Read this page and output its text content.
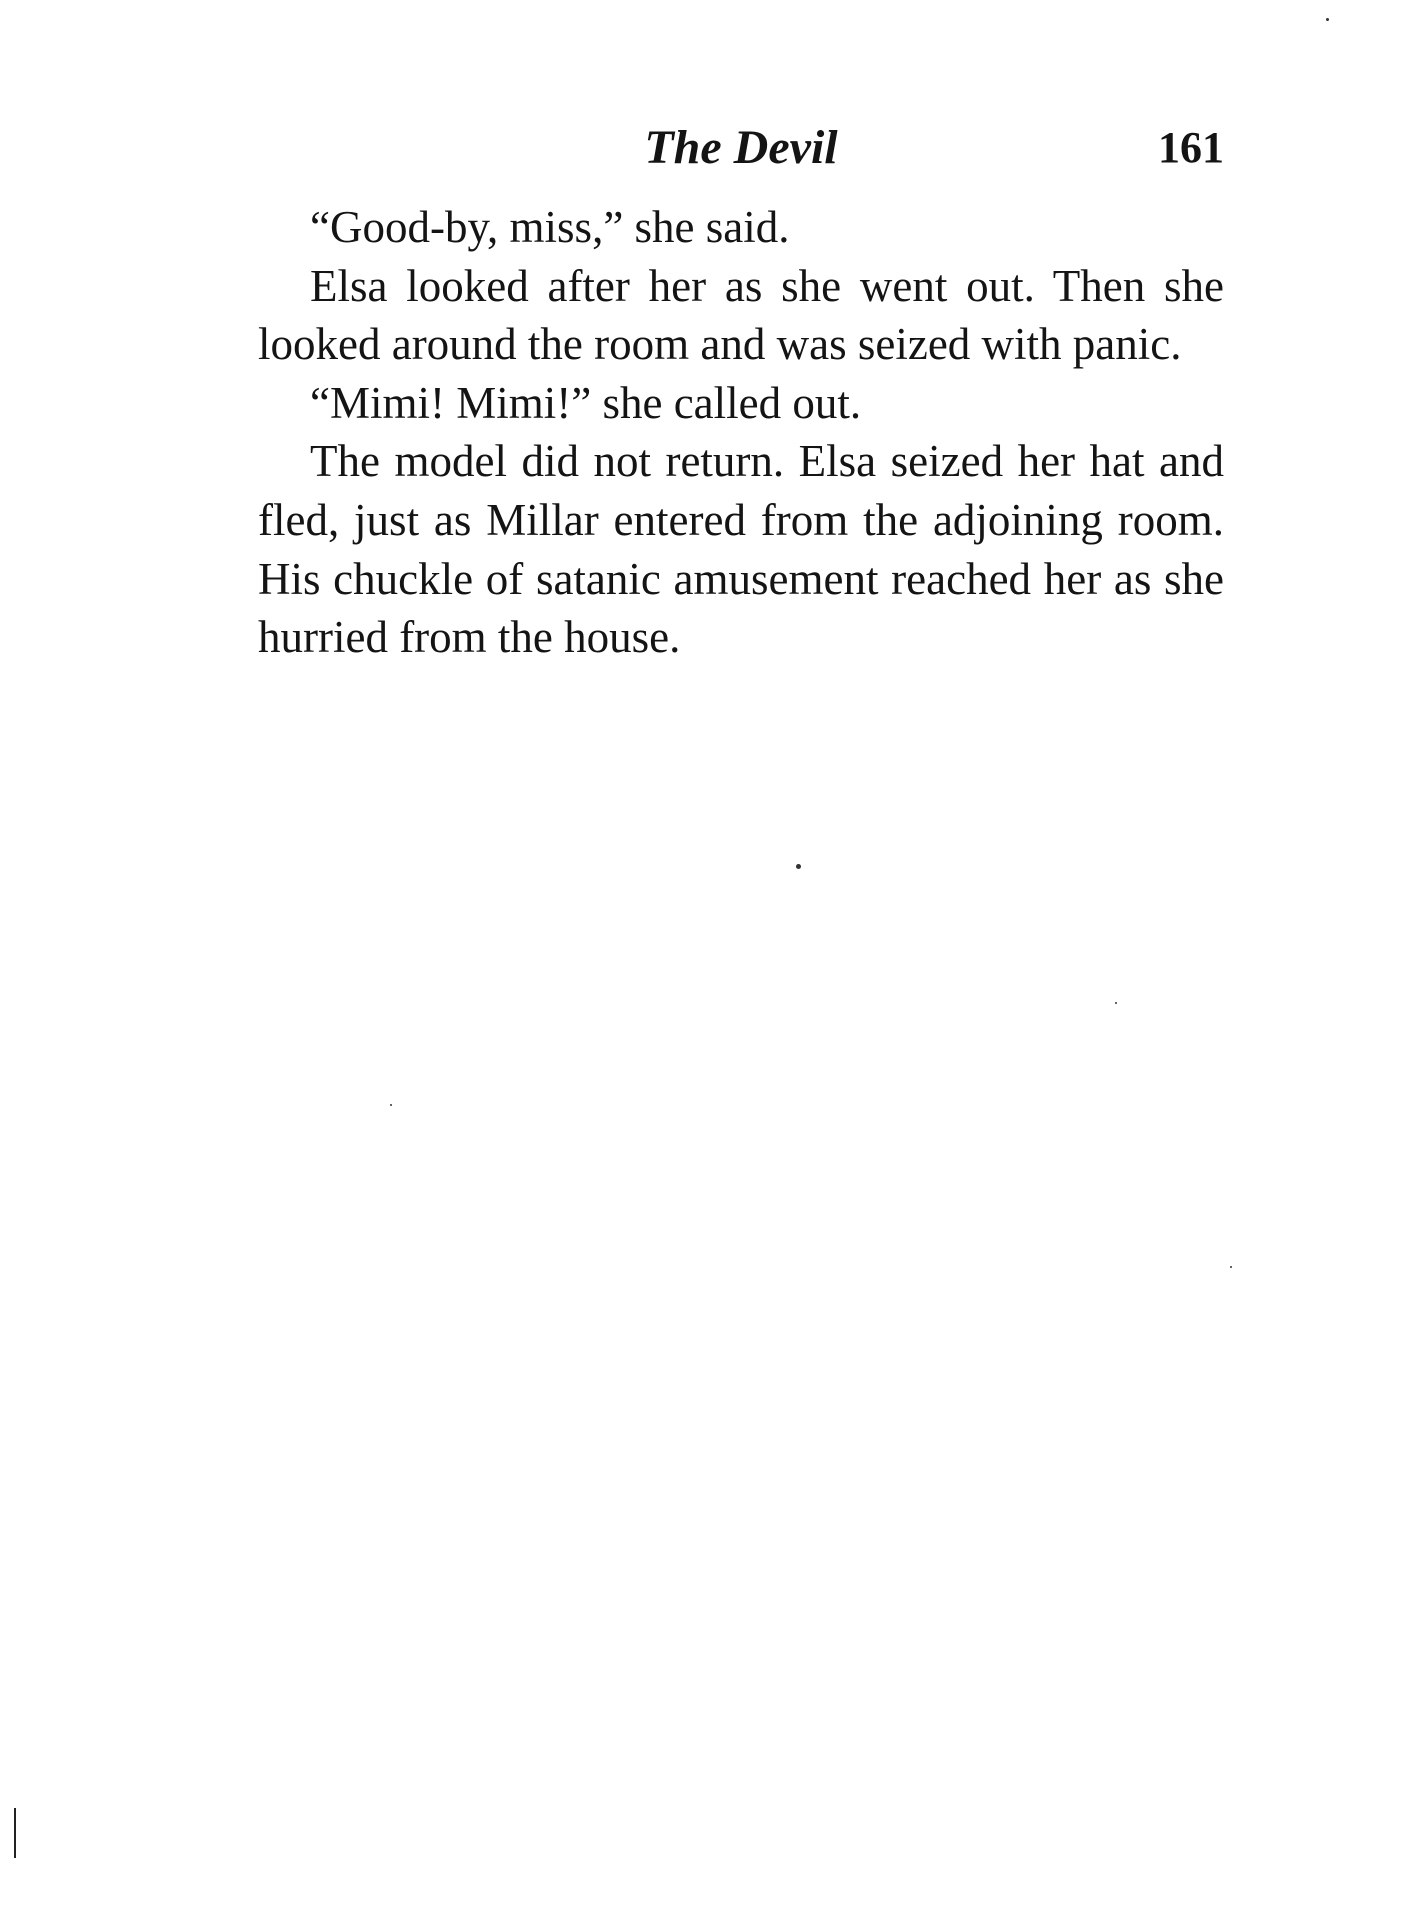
The Devil	161

“Good-by, miss,” she said.

Elsa looked after her as she went out. Then she looked around the room and was seized with panic.

“Mimi! Mimi!” she called out.

The model did not return. Elsa seized her hat and fled, just as Millar entered from the adjoining room. His chuckle of satanic amusement reached her as she hurried from the house.
